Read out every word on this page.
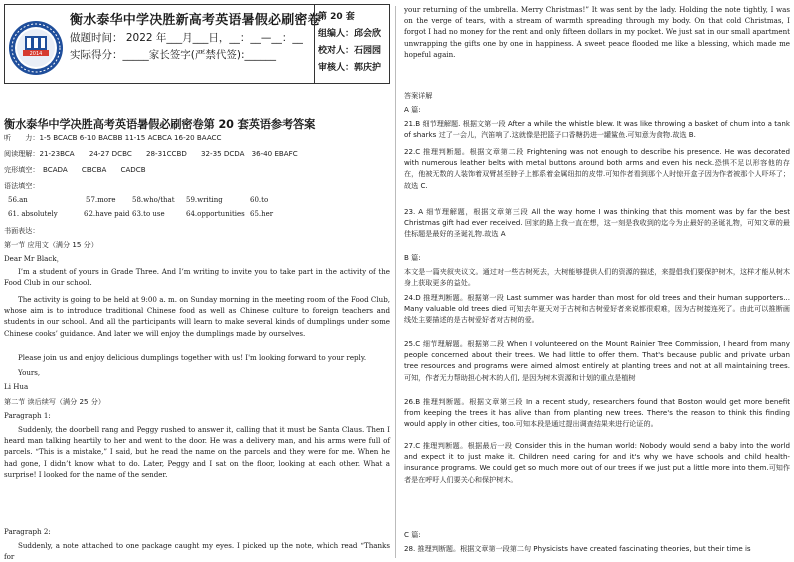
2014
衡水泰华中学决胜新高考英语暑假必刷密卷
做题时间： 2022 年___月___日，__：__—__：__
实际得分：_____家长签字(严禁代签):______
第 20 套
组编人：邱会欣
校对人：石园园
审核人：郭庆护
衡水泰华中学决胜高考英语暑假必刷密卷第 20 套英语参考答案
听　　力：1-5 BCACB 6-10 BACBB 11-15 ACBCA 16-20 BAACC
阅读理解：21-23BCA　　24-27 DCBC　　28-31CCBD　　32-35 DCDA　36-40 EBAFC
完形填空：　BCADA　　CBCBA　　CADCB
语法填空：
56.an	57.more 58.who/that 59.writing	60.to
61. absolutely	62.have paid 63.to use	64.opportunities 65.her
书面表达：
第一节 应用文（满分 15 分）
Dear Mr Black，
I’m a student of yours in Grade Three. And I’m writing to invite you to take part in the activity of the Food Club in our school.
The activity is going to be held at 9:00 a. m. on Sunday morning in the meeting room of the Food Club, whose aim is to introduce traditional Chinese food as well as Chinese culture to foreign teachers and students in our school. And all the participants will learn to make several kinds of dumplings under some Chinese cooks’ guidance. And later we will enjoy the dumplings made by ourselves.
Please join us and enjoy delicious dumplings together with us! I'm looking forward to your reply.
Yours,
Li Hua
第二节 读后续写（满分 25 分）
Paragraph 1:
Suddenly, the doorbell rang and Peggy rushed to answer it, calling that it must be Santa Claus. Then I heard man talking heartily to her and went to the door. He was a delivery man, and his arms were full of parcels. “This is a mistake,” I said, but he read the name on the parcels and they were for me. When he had gone, I didn’t know what to do. Later, Peggy and I sat on the floor, looking at each other. What a surprise! I looked for the name of the sender.
Paragraph 2:
Suddenly, a note attached to one package caught my eyes. I picked up the note, which read “Thanks for
your returning of the umbrella. Merry Christmas!” It was sent by the lady. Holding the note tightly, I was on the verge of tears, with a stream of warmth spreading through my body. On that cold Christmas, I forgot I had no money for the rent and only fifteen dollars in my pocket. We just sat in our small apartment unwrapping the gifts one by one in happiness. A sweet peace flooded me like a blessing, which made me hopeful again.
答案详解
A 篇:
21.B 细节理解题. 根据文第一段 After a while the whistle blew. It was like throwing a basket of chum into a tank of sharks 过了一会儿，汽笛响了.这就像是把篮子口香糖扔进一罐鲨鱼.可知意为食物.故选 B.
22.C 推理判断题。根据文章第二段 Frightening was not enough to describe his presence. He was decorated with numerous leather belts with metal buttons around both arms and even his neck.恐惧不足以形容他的存在，他被无数的人装饰着双臂甚至脖子上都系着金属纽扣的皮带.可知作者看到那个人时惊开盒子因为作者被那个人吓坏了；故选 C.
23. A 细节理解题，根据文章第三段 All the way home I was thinking that this moment was by far the best Christmas gift had ever received. 回家的路上我一直在想，这一刻是我收到的迄今为止最好的圣诞礼物，可知文章的最佳标题是最好的圣诞礼物.故选 A
B 篇:
本文是一篇夹叙夹议文。通过对一些古树死去，大树能够提供人们的资源的描述，来提倡我们要保护树木，这样才能从树木身上获取更多的益处。
24.D 推理判断题。根据第一段 Last summer was harder than most for old trees and their human supporters... Many valuable old trees died 可知去年夏天对于古树和古树爱好者来说都很艰难，因为古树接连死了。由此可以推断画线处主要描述的是古树爱好者对古树的爱。
25.C 细节理解题。根据第二段 When I volunteered on the Mount Rainier Tree Commission, I heard from many people concerned about their trees. We had little to offer them. That's because public and private urban tree resources and programs were aimed almost entirely at planting trees and not at all maintaining trees.可知，作者无力帮助担心树木的人们, 是因为树木资源和计划的重点是植树
26.B 推理判断题。根据文章第三段 In a recent study, researchers found that Boston would get more benefit from keeping the trees it has alive than from planting new trees. There's the reason to think this finding would apply in other cities, too.可知本段是通过提出调查结果来进行论证的。
27.C 推理判断题。根据最后一段 Consider this in the human world: Nobody would send a baby into the world and expect it to just make it. Children need caring for and it's why we have schools and child health-insurance programs. We could get so much more out of our trees if we just put a little more into them.可知作者是在呼吁人们要关心和保护树木。
C 篇:
28. 推理判断题。根据文章第一段第二句 Physicists have created fascinating theories, but their time is
